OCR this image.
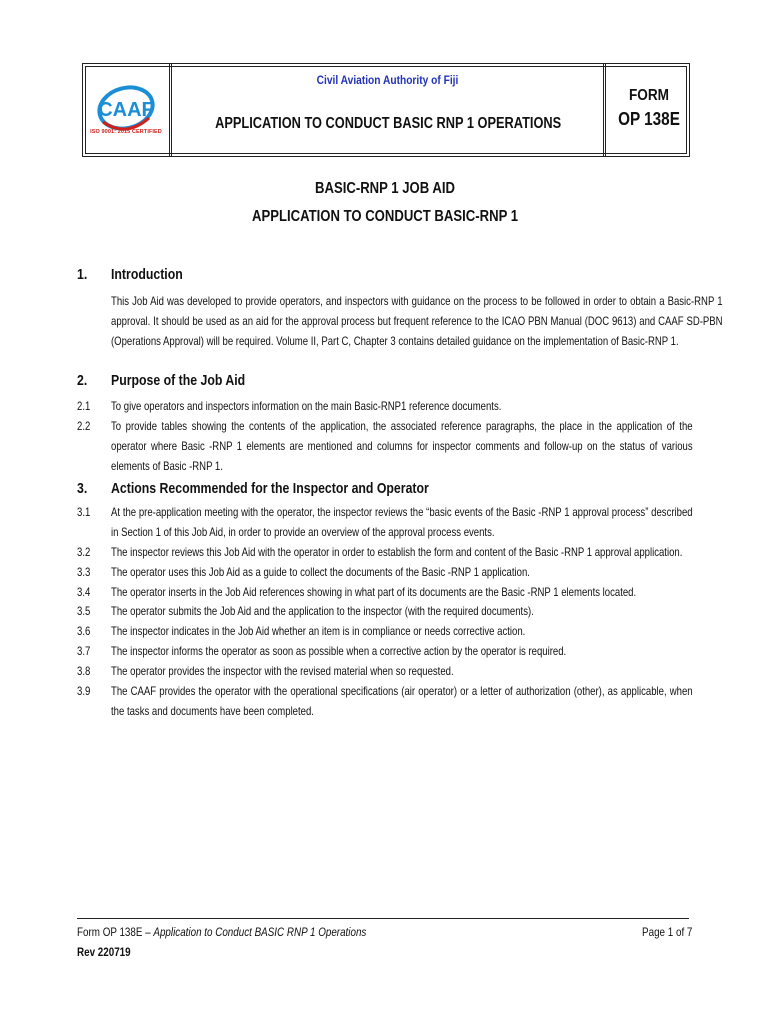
CAAF
ISO 9001: 2015 CERTIFIED
Civil Aviation Authority of Fiji
APPLICATION TO CONDUCT BASIC RNP 1 OPERATIONS
FORM
OP 138E
BASIC-RNP 1 JOB AID
APPLICATION TO CONDUCT BASIC-RNP 1
1. Introduction
This Job Aid was developed to provide operators, and inspectors with guidance on the process to be followed in order to obtain a Basic-RNP 1 approval. It should be used as an aid for the approval process but frequent reference to the ICAO PBN Manual (DOC 9613) and CAAF SD-PBN (Operations Approval) will be required. Volume II, Part C, Chapter 3 contains detailed guidance on the implementation of Basic-RNP 1.
2. Purpose of the Job Aid
2.1	To give operators and inspectors information on the main Basic-RNP1 reference documents.
2.2	To provide tables showing the contents of the application, the associated reference paragraphs, the place in the application of the operator where Basic -RNP 1 elements are mentioned and columns for inspector comments and follow-up on the status of various elements of Basic -RNP 1.
3. Actions Recommended for the Inspector and Operator
3.1	At the pre-application meeting with the operator, the inspector reviews the “basic events of the Basic -RNP 1 approval process” described in Section 1 of this Job Aid, in order to provide an overview of the approval process events.
3.2	The inspector reviews this Job Aid with the operator in order to establish the form and content of the Basic -RNP 1 approval application.
3.3	The operator uses this Job Aid as a guide to collect the documents of the Basic -RNP 1 application.
3.4	The operator inserts in the Job Aid references showing in what part of its documents are the Basic -RNP 1 elements located.
3.5	The operator submits the Job Aid and the application to the inspector (with the required documents).
3.6	The inspector indicates in the Job Aid whether an item is in compliance or needs corrective action.
3.7	The inspector informs the operator as soon as possible when a corrective action by the operator is required.
3.8	The operator provides the inspector with the revised material when so requested.
3.9	The CAAF provides the operator with the operational specifications (air operator) or a letter of authorization (other), as applicable, when the tasks and documents have been completed.
Form OP 138E – Application to Conduct BASIC RNP 1 Operations
Rev 220719
Page 1 of 7
